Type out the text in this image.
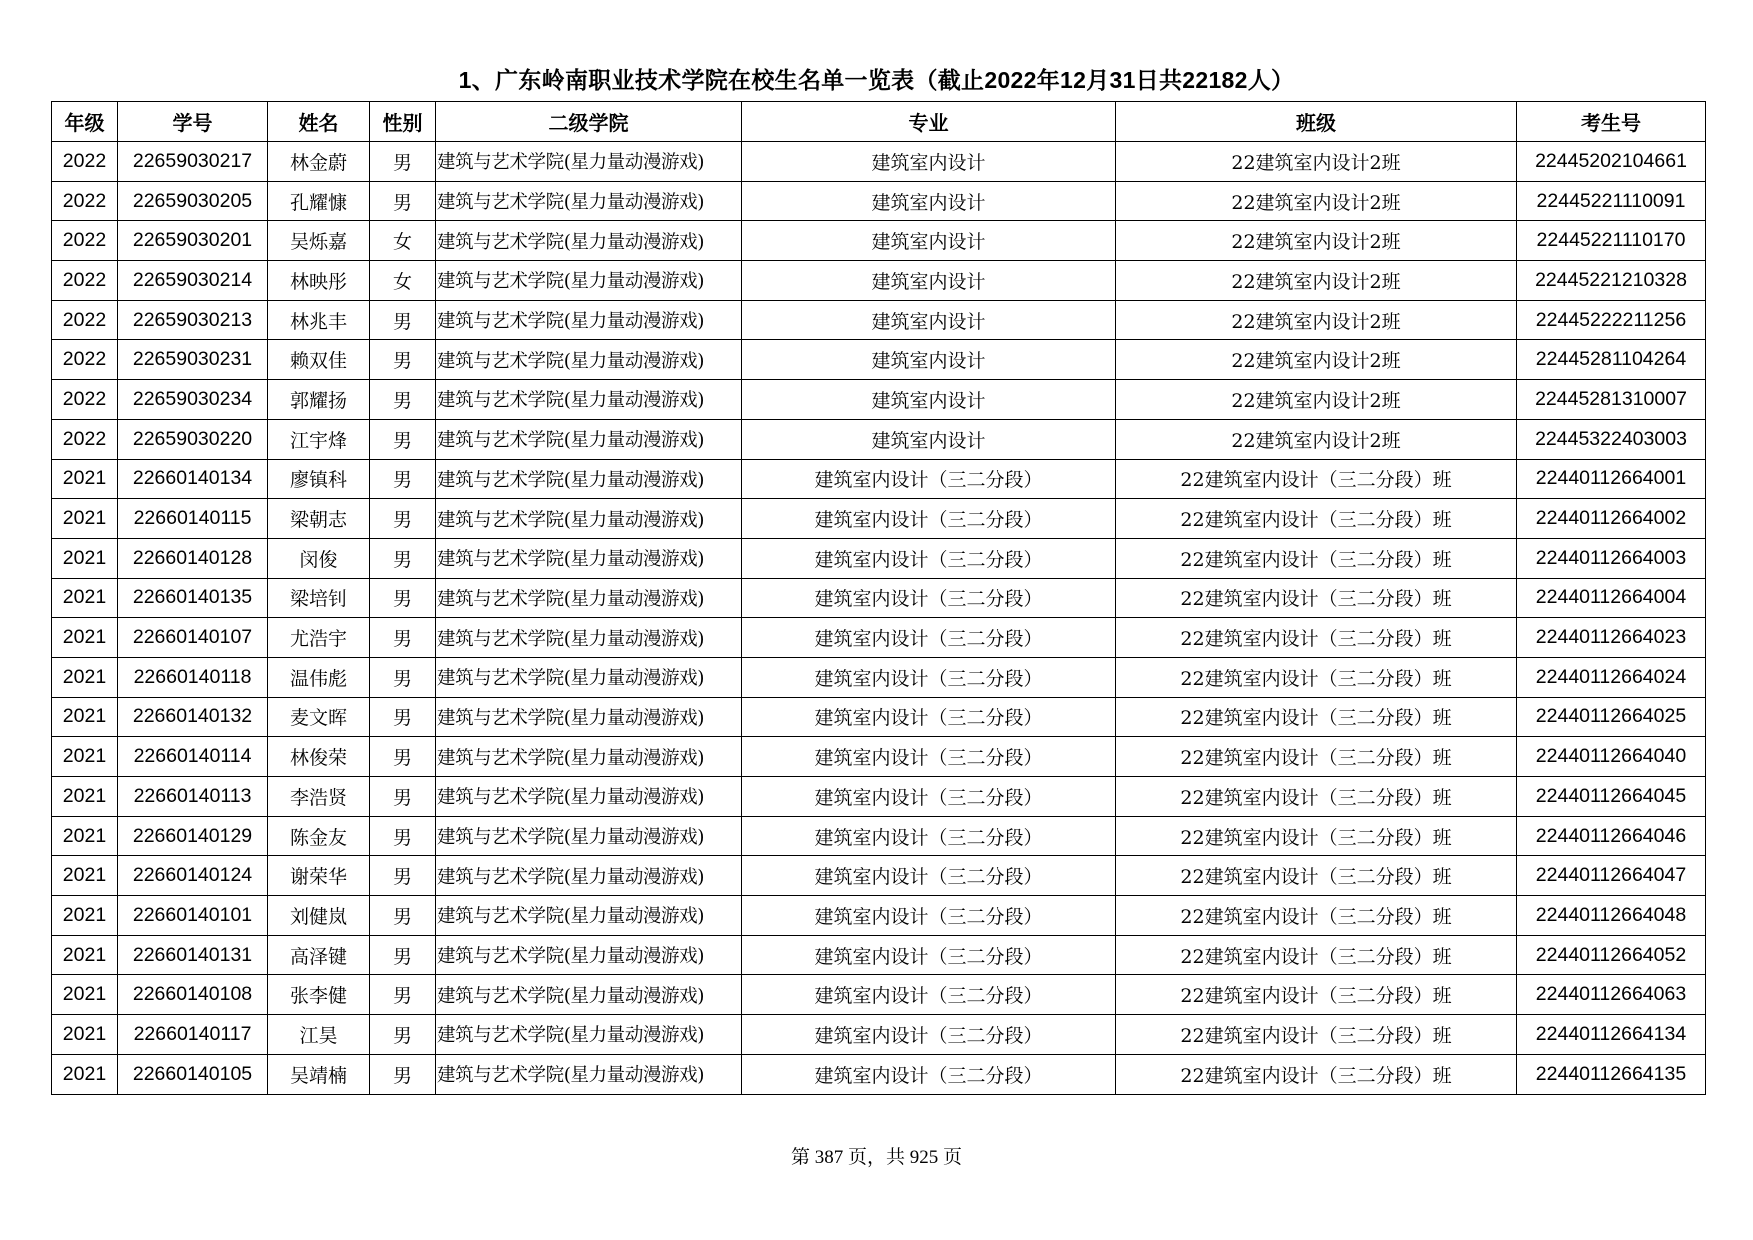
1、广东岭南职业技术学院在校生名单一览表（截止2022年12月31日共22182人）
年级	学号	姓名	性别	二级学院	专业	班级	考生号
2022	22659030217	林金蔚	男	建筑与艺术学院(星力量动漫游戏)	建筑室内设计	22建筑室内设计2班	22445202104661
2022	22659030205	孔耀慷	男	建筑与艺术学院(星力量动漫游戏)	建筑室内设计	22建筑室内设计2班	22445221110091
2022	22659030201	吴烁嘉	女	建筑与艺术学院(星力量动漫游戏)	建筑室内设计	22建筑室内设计2班	22445221110170
2022	22659030214	林映彤	女	建筑与艺术学院(星力量动漫游戏)	建筑室内设计	22建筑室内设计2班	22445221210328
2022	22659030213	林兆丰	男	建筑与艺术学院(星力量动漫游戏)	建筑室内设计	22建筑室内设计2班	22445222211256
2022	22659030231	赖双佳	男	建筑与艺术学院(星力量动漫游戏)	建筑室内设计	22建筑室内设计2班	22445281104264
2022	22659030234	郭耀扬	男	建筑与艺术学院(星力量动漫游戏)	建筑室内设计	22建筑室内设计2班	22445281310007
2022	22659030220	江宇烽	男	建筑与艺术学院(星力量动漫游戏)	建筑室内设计	22建筑室内设计2班	22445322403003
2021	22660140134	廖镇科	男	建筑与艺术学院(星力量动漫游戏)	建筑室内设计（三二分段）	22建筑室内设计（三二分段）班	22440112664001
2021	22660140115	梁朝志	男	建筑与艺术学院(星力量动漫游戏)	建筑室内设计（三二分段）	22建筑室内设计（三二分段）班	22440112664002
2021	22660140128	闵俊	男	建筑与艺术学院(星力量动漫游戏)	建筑室内设计（三二分段）	22建筑室内设计（三二分段）班	22440112664003
2021	22660140135	梁培钊	男	建筑与艺术学院(星力量动漫游戏)	建筑室内设计（三二分段）	22建筑室内设计（三二分段）班	22440112664004
2021	22660140107	尤浩宇	男	建筑与艺术学院(星力量动漫游戏)	建筑室内设计（三二分段）	22建筑室内设计（三二分段）班	22440112664023
2021	22660140118	温伟彪	男	建筑与艺术学院(星力量动漫游戏)	建筑室内设计（三二分段）	22建筑室内设计（三二分段）班	22440112664024
2021	22660140132	麦文晖	男	建筑与艺术学院(星力量动漫游戏)	建筑室内设计（三二分段）	22建筑室内设计（三二分段）班	22440112664025
2021	22660140114	林俊荣	男	建筑与艺术学院(星力量动漫游戏)	建筑室内设计（三二分段）	22建筑室内设计（三二分段）班	22440112664040
2021	22660140113	李浩贤	男	建筑与艺术学院(星力量动漫游戏)	建筑室内设计（三二分段）	22建筑室内设计（三二分段）班	22440112664045
2021	22660140129	陈金友	男	建筑与艺术学院(星力量动漫游戏)	建筑室内设计（三二分段）	22建筑室内设计（三二分段）班	22440112664046
2021	22660140124	谢荣华	男	建筑与艺术学院(星力量动漫游戏)	建筑室内设计（三二分段）	22建筑室内设计（三二分段）班	22440112664047
2021	22660140101	刘健岚	男	建筑与艺术学院(星力量动漫游戏)	建筑室内设计（三二分段）	22建筑室内设计（三二分段）班	22440112664048
2021	22660140131	高泽键	男	建筑与艺术学院(星力量动漫游戏)	建筑室内设计（三二分段）	22建筑室内设计（三二分段）班	22440112664052
2021	22660140108	张李健	男	建筑与艺术学院(星力量动漫游戏)	建筑室内设计（三二分段）	22建筑室内设计（三二分段）班	22440112664063
2021	22660140117	江昊	男	建筑与艺术学院(星力量动漫游戏)	建筑室内设计（三二分段）	22建筑室内设计（三二分段）班	22440112664134
2021	22660140105	吴靖楠	男	建筑与艺术学院(星力量动漫游戏)	建筑室内设计（三二分段）	22建筑室内设计（三二分段）班	22440112664135
第 387 页，共 925 页
